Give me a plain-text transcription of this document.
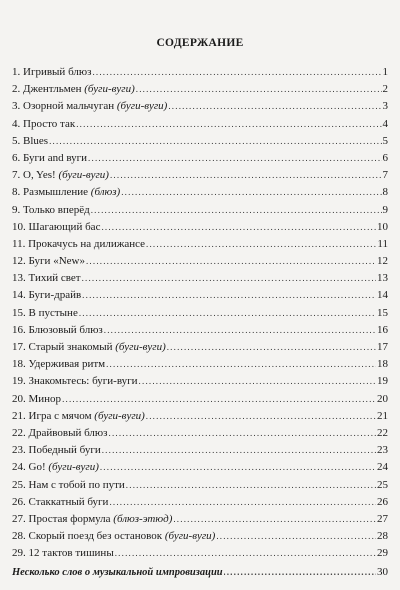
СОДЕРЖАНИЕ
1. Игривый блюз .....	1
2. Джентльмен (буги-вуги) .....	2
3. Озорной мальчуган (буги-вуги) .....	3
4. Просто так .....	4
5. Blues .....	5
6. Буги and вуги .....	6
7. O, Yes! (буги-вуги) .....	7
8. Размышление (блюз) .....	8
9. Только вперёд .....	9
10. Шагающий бас .....	10
11. Прокачусь на дилижансе .....	11
12. Буги «New» .....	12
13. Тихий свет .....	13
14. Буги-драйв .....	14
15. В пустыне .....	15
16. Блюзовый блюз .....	16
17. Старый знакомый (буги-вуги) .....	17
18. Удерживая ритм .....	18
19. Знакомьтесь: буги-вуги .....	19
20. Минор .....	20
21. Игра с мячом (буги-вуги) .....	21
22. Драйвовый блюз .....	22
23. Победный буги .....	23
24. Go! (буги-вуги) .....	24
25. Нам с тобой по пути .....	25
26. Стаккатный буги .....	26
27. Простая формула (блюз-этюд) .....	27
28. Скорый поезд без остановок (буги-вуги) .....	28
29. 12 тактов тишины .....	29
Несколько слов о музыкальной импровизации .....	30
